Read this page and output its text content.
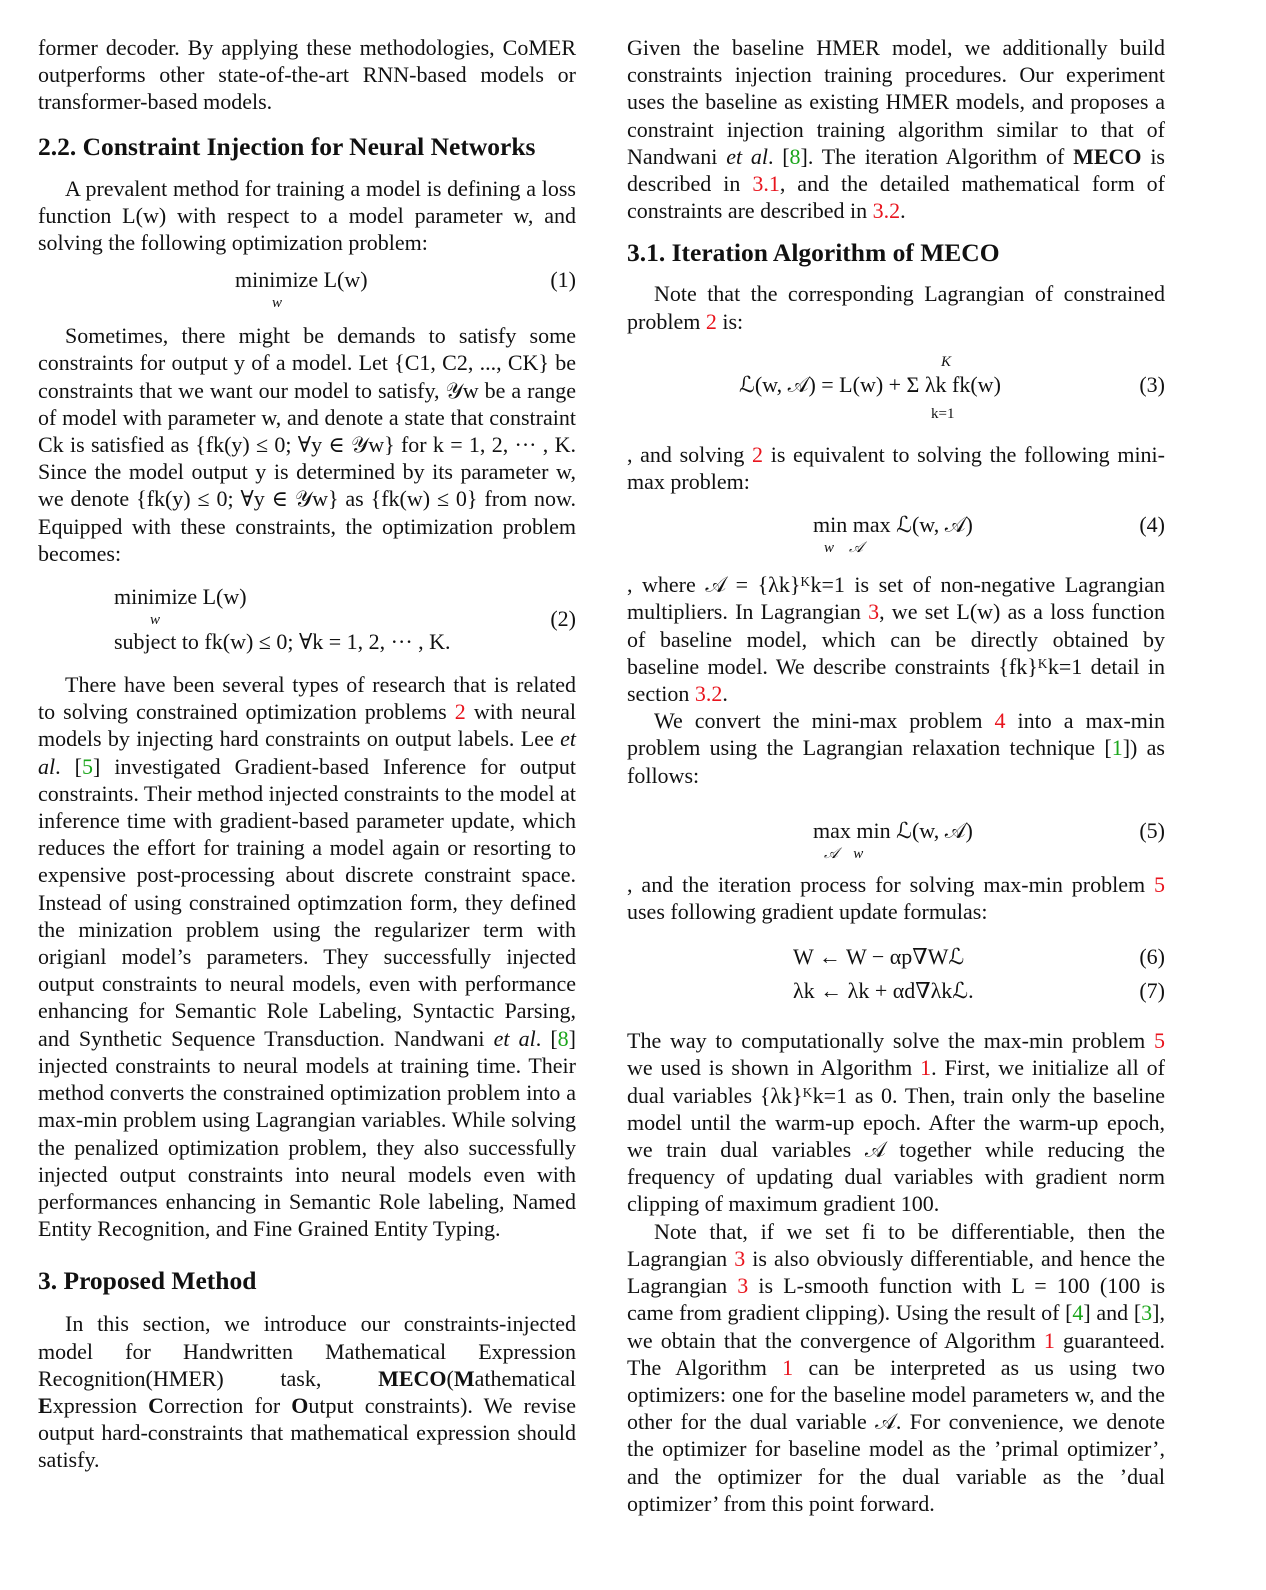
former decoder. By applying these methodologies, CoMER outperforms other state-of-the-art RNN-based models or transformer-based models.

2.2. Constraint Injection for Neural Networks

A prevalent method for training a model is defining a loss function L(w) with respect to a model parameter w, and solving the following optimization problem:

minimize L(w)
w
(1)

Sometimes, there might be demands to satisfy some constraints for output y of a model. Let {C1, C2, ..., CK} be constraints that we want our model to satisfy, 𝒴w be a range of model with parameter w, and denote a state that constraint Ck is satisfied as {fk(y) ≤ 0; ∀y ∈ 𝒴w} for k = 1, 2, ··· , K. Since the model output y is determined by its parameter w, we denote {fk(y) ≤ 0; ∀y ∈ 𝒴w} as {fk(w) ≤ 0} from now. Equipped with these constraints, the optimization problem becomes:

minimize L(w)
w
subject to fk(w) ≤ 0; ∀k = 1, 2, ··· , K.
(2)

There have been several types of research that is related to solving constrained optimization problems 2 with neural models by injecting hard constraints on output labels. Lee et al. [5] investigated Gradient-based Inference for output constraints. Their method injected constraints to the model at inference time with gradient-based parameter update, which reduces the effort for training a model again or resorting to expensive post-processing about discrete constraint space. Instead of using constrained optimzation form, they defined the minization problem using the regularizer term with origianl model’s parameters. They successfully injected output constraints to neural models, even with performance enhancing for Semantic Role Labeling, Syntactic Parsing, and Synthetic Sequence Transduction. Nandwani et al. [8] injected constraints to neural models at training time. Their method converts the constrained optimization problem into a max-min problem using Lagrangian variables. While solving the penalized optimization problem, they also successfully injected output constraints into neural models even with performances enhancing in Semantic Role labeling, Named Entity Recognition, and Fine Grained Entity Typing.

3. Proposed Method

In this section, we introduce our constraints-injected model for Handwritten Mathematical Expression Recognition(HMER) task, MECO(Mathematical Expression Correction for Output constraints). We revise output hard-constraints that mathematical expression should satisfy.

Given the baseline HMER model, we additionally build constraints injection training procedures. Our experiment uses the baseline as existing HMER models, and proposes a constraint injection training algorithm similar to that of Nandwani et al. [8]. The iteration Algorithm of MECO is described in 3.1, and the detailed mathematical form of constraints are described in 3.2.

3.1. Iteration Algorithm of MECO

Note that the corresponding Lagrangian of constrained problem 2 is:

K
ℒ(w, 𝒜) = L(w) + Σ λk fk(w)
k=1
(3)

, and solving 2 is equivalent to solving the following mini-max problem:

min max ℒ(w, 𝒜)
w    𝒜
(4)

, where 𝒜 = {λk}ᴷk=1 is set of non-negative Lagrangian multipliers. In Lagrangian 3, we set L(w) as a loss function of baseline model, which can be directly obtained by baseline model. We describe constraints {fk}ᴷk=1 detail in section 3.2.

We convert the mini-max problem 4 into a max-min problem using the Lagrangian relaxation technique [1]) as follows:

max min ℒ(w, 𝒜)
𝒜    w
(5)

, and the iteration process for solving max-min problem 5 uses following gradient update formulas:

W ← W − αp∇Wℒ	(6)
λk ← λk + αd∇λkℒ.	(7)

The way to computationally solve the max-min problem 5 we used is shown in Algorithm 1. First, we initialize all of dual variables {λk}ᴷk=1 as 0. Then, train only the baseline model until the warm-up epoch. After the warm-up epoch, we train dual variables 𝒜 together while reducing the frequency of updating dual variables with gradient norm clipping of maximum gradient 100.

Note that, if we set fi to be differentiable, then the Lagrangian 3 is also obviously differentiable, and hence the Lagrangian 3 is L-smooth function with L = 100 (100 is came from gradient clipping). Using the result of [4] and [3], we obtain that the convergence of Algorithm 1 guaranteed. The Algorithm 1 can be interpreted as us using two optimizers: one for the baseline model parameters w, and the other for the dual variable 𝒜. For convenience, we denote the optimizer for baseline model as the ’primal optimizer’, and the optimizer for the dual variable as the ’dual optimizer’ from this point forward.
